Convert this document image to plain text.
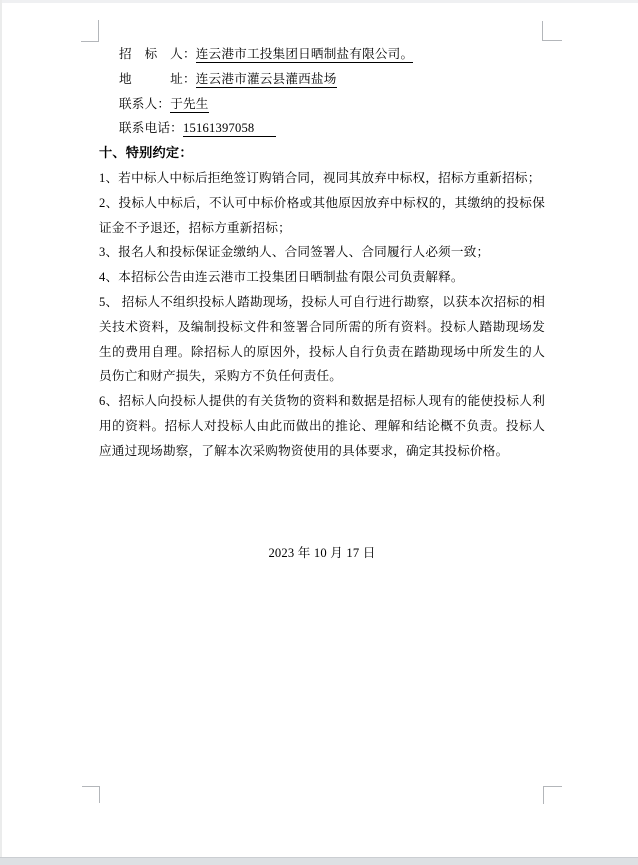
招　标　人：连云港市工投集团日晒制盐有限公司。

地　　　址：连云港市灌云县灌西盐场

联系人：于先生

联系电话：15161397058

十、特别约定：

1、若中标人中标后拒绝签订购销合同，视同其放弃中标权，招标方重新招标；

2、投标人中标后，不认可中标价格或其他原因放弃中标权的，其缴纳的投标保证金不予退还，招标方重新招标；

3、报名人和投标保证金缴纳人、合同签署人、合同履行人必须一致；

4、本招标公告由连云港市工投集团日晒制盐有限公司负责解释。

5、 招标人不组织投标人踏勘现场，投标人可自行进行勘察，以获本次招标的相关技术资料，及编制投标文件和签署合同所需的所有资料。投标人踏勘现场发生的费用自理。除招标人的原因外，投标人自行负责在踏勘现场中所发生的人员伤亡和财产损失，采购方不负任何责任。

6、招标人向投标人提供的有关货物的资料和数据是招标人现有的能使投标人利用的资料。招标人对投标人由此而做出的推论、理解和结论概不负责。投标人应通过现场勘察，了解本次采购物资使用的具体要求，确定其投标价格。

2023 年 10 月 17 日
